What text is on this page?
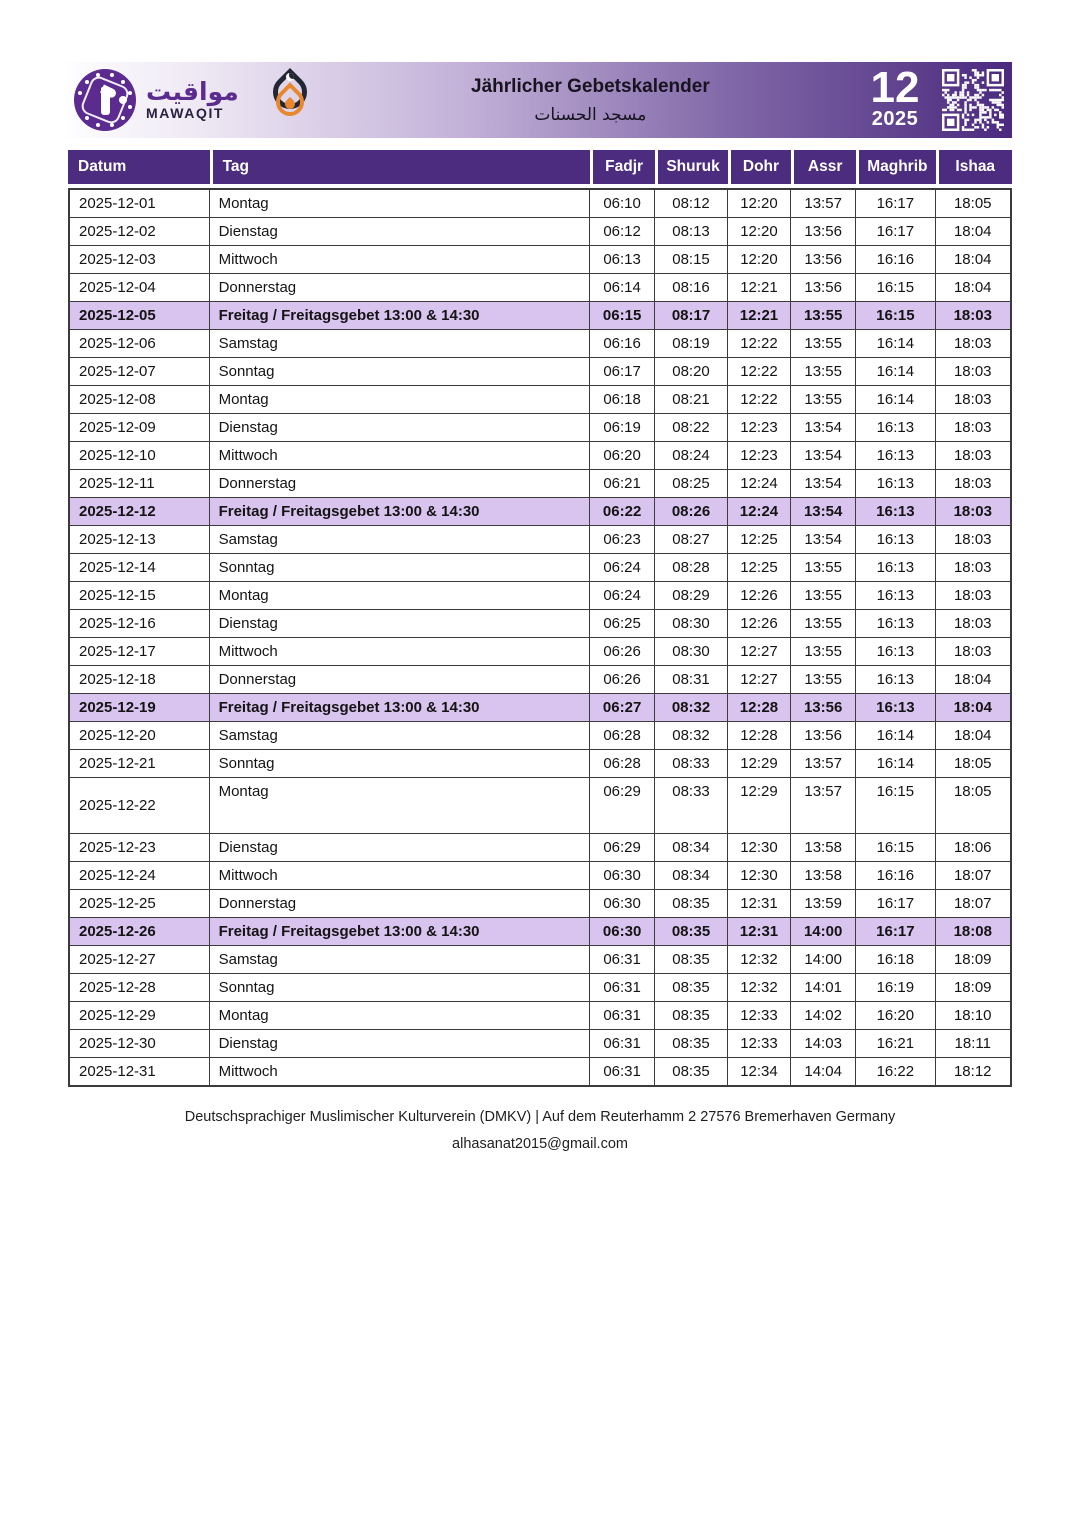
مواقيت
MAWAQIT
Jährlicher Gebetskalender
مسجد الحسنات
12
2025
Datum	Tag	Fadjr	Shuruk	Dohr	Assr	Maghrib	Ishaa
2025-12-01	Montag	06:10	08:12	12:20	13:57	16:17	18:05
2025-12-02	Dienstag	06:12	08:13	12:20	13:56	16:17	18:04
2025-12-03	Mittwoch	06:13	08:15	12:20	13:56	16:16	18:04
2025-12-04	Donnerstag	06:14	08:16	12:21	13:56	16:15	18:04
2025-12-05	Freitag / Freitagsgebet 13:00 & 14:30	06:15	08:17	12:21	13:55	16:15	18:03
2025-12-06	Samstag	06:16	08:19	12:22	13:55	16:14	18:03
2025-12-07	Sonntag	06:17	08:20	12:22	13:55	16:14	18:03
2025-12-08	Montag	06:18	08:21	12:22	13:55	16:14	18:03
2025-12-09	Dienstag	06:19	08:22	12:23	13:54	16:13	18:03
2025-12-10	Mittwoch	06:20	08:24	12:23	13:54	16:13	18:03
2025-12-11	Donnerstag	06:21	08:25	12:24	13:54	16:13	18:03
2025-12-12	Freitag / Freitagsgebet 13:00 & 14:30	06:22	08:26	12:24	13:54	16:13	18:03
2025-12-13	Samstag	06:23	08:27	12:25	13:54	16:13	18:03
2025-12-14	Sonntag	06:24	08:28	12:25	13:55	16:13	18:03
2025-12-15	Montag	06:24	08:29	12:26	13:55	16:13	18:03
2025-12-16	Dienstag	06:25	08:30	12:26	13:55	16:13	18:03
2025-12-17	Mittwoch	06:26	08:30	12:27	13:55	16:13	18:03
2025-12-18	Donnerstag	06:26	08:31	12:27	13:55	16:13	18:04
2025-12-19	Freitag / Freitagsgebet 13:00 & 14:30	06:27	08:32	12:28	13:56	16:13	18:04
2025-12-20	Samstag	06:28	08:32	12:28	13:56	16:14	18:04
2025-12-21	Sonntag	06:28	08:33	12:29	13:57	16:14	18:05
2025-12-22	Montag	06:29	08:33	12:29	13:57	16:15	18:05
2025-12-23	Dienstag	06:29	08:34	12:30	13:58	16:15	18:06
2025-12-24	Mittwoch	06:30	08:34	12:30	13:58	16:16	18:07
2025-12-25	Donnerstag	06:30	08:35	12:31	13:59	16:17	18:07
2025-12-26	Freitag / Freitagsgebet 13:00 & 14:30	06:30	08:35	12:31	14:00	16:17	18:08
2025-12-27	Samstag	06:31	08:35	12:32	14:00	16:18	18:09
2025-12-28	Sonntag	06:31	08:35	12:32	14:01	16:19	18:09
2025-12-29	Montag	06:31	08:35	12:33	14:02	16:20	18:10
2025-12-30	Dienstag	06:31	08:35	12:33	14:03	16:21	18:11
2025-12-31	Mittwoch	06:31	08:35	12:34	14:04	16:22	18:12
Deutschsprachiger Muslimischer Kulturverein (DMKV) | Auf dem Reuterhamm 2 27576 Bremerhaven Germany
alhasanat2015@gmail.com
